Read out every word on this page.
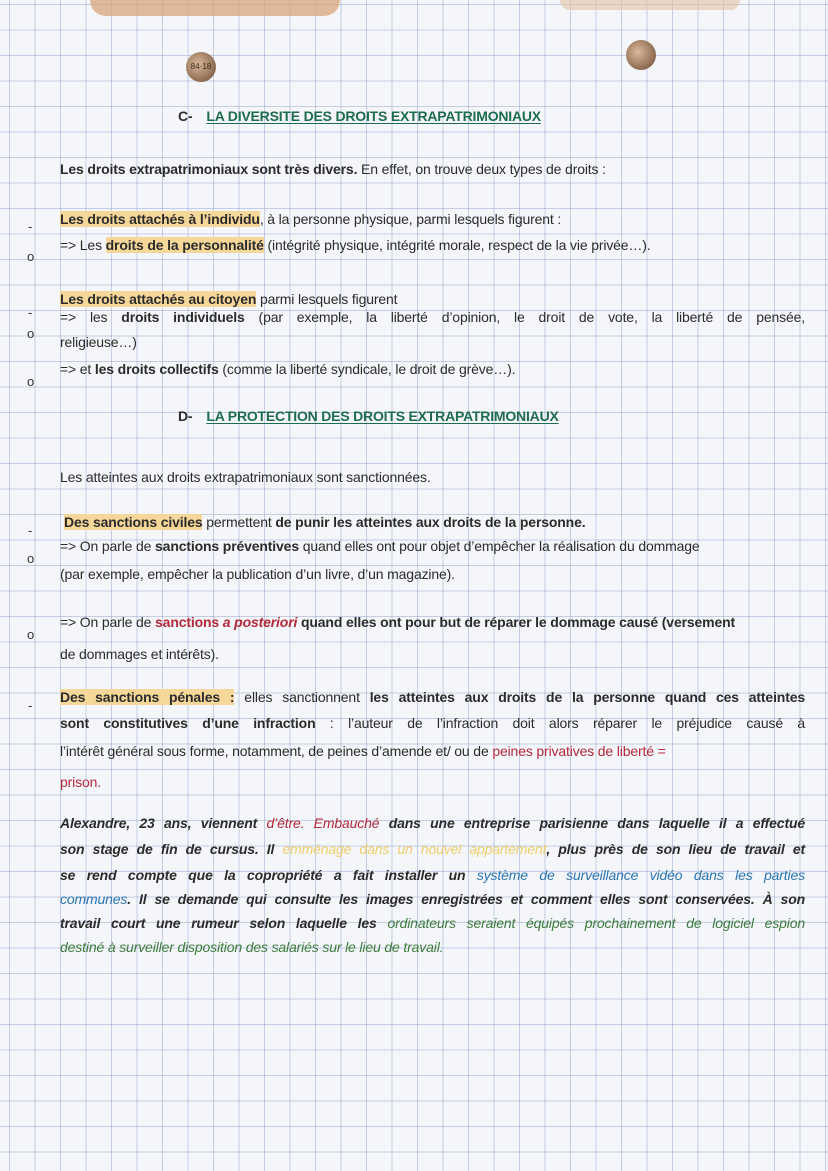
84·18
C- LA DIVERSITE DES DROITS EXTRAPATRIMONIAUX
Les droits extrapatrimoniaux sont très divers. En effet, on trouve deux types de droits :
- Les droits attachés à l’individu, à la personne physique, parmi lesquels figurent :
o
=> Les droits de la personnalité (intégrité physique, intégrité morale, respect de la vie privée…).
-
Les droits attachés au citoyen parmi lesquels figurent
o
=> les droits individuels (par exemple, la liberté d’opinion, le droit de vote, la liberté de pensée,
religieuse…)
o
=> et les droits collectifs (comme la liberté syndicale, le droit de grève…).
D- LA PROTECTION DES DROITS EXTRAPATRIMONIAUX
Les atteintes aux droits extrapatrimoniaux sont sanctionnées.
-
Des sanctions civiles permettent de punir les atteintes aux droits de la personne.
o
=> On parle de sanctions préventives quand elles ont pour objet d’empêcher la réalisation du dommage
(par exemple, empêcher la publication d’un livre, d’un magazine).
o
=> On parle de sanctions a posteriori quand elles ont pour but de réparer le dommage causé (versement
de dommages et intérêts).
-
Des sanctions pénales : elles sanctionnent les atteintes aux droits de la personne quand ces atteintes
sont constitutives d’une infraction : l’auteur de l’infraction doit alors réparer le préjudice causé à
l’intérêt général sous forme, notamment, de peines d’amende et/ ou de peines privatives de liberté =
prison.
Alexandre, 23 ans, viennent d’être. Embauché dans une entreprise parisienne dans laquelle il a effectué
son stage de fin de cursus. Il emménage dans un nouvel appartement, plus près de son lieu de travail et
se rend compte que la copropriété a fait installer un système de surveillance vidéo dans les parties
communes. Il se demande qui consulte les images enregistrées et comment elles sont conservées. À son
travail court une rumeur selon laquelle les ordinateurs seraient équipés prochainement de logiciel espion
destiné à surveiller disposition des salariés sur le lieu de travail.
